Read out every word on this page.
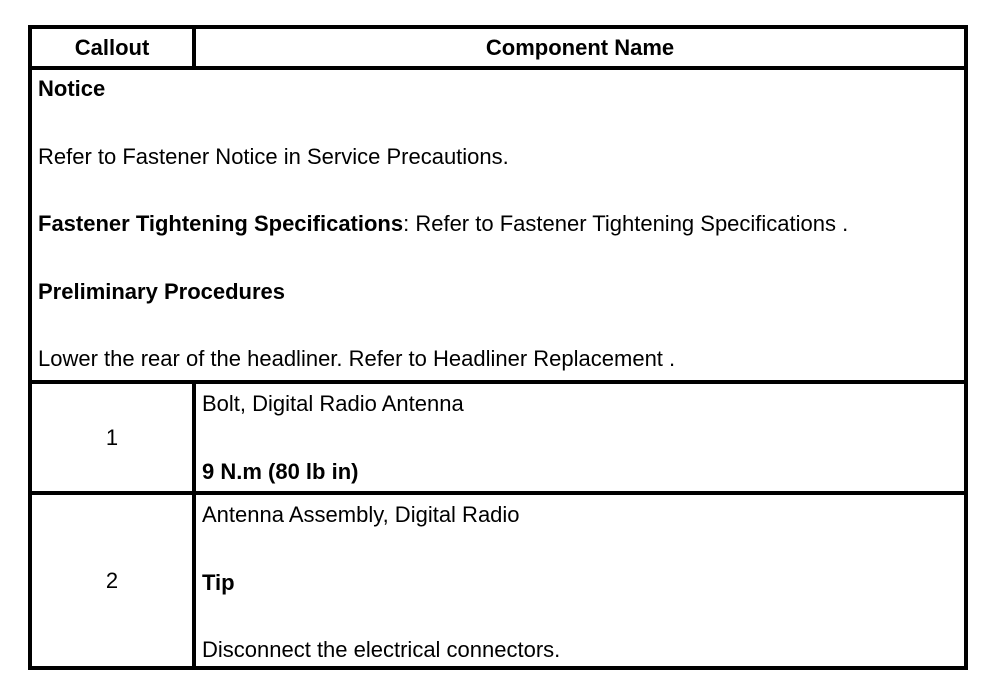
Callout	Component Name

Notice
Refer to Fastener Notice in Service Precautions.
Fastener Tightening Specifications: Refer to Fastener Tightening Specifications .
Preliminary Procedures
Lower the rear of the headliner. Refer to Headliner Replacement .	

1	Bolt, Digital Radio Antenna
9 N.m (80 lb in)

2	Antenna Assembly, Digital Radio
Tip
Disconnect the electrical connectors.
